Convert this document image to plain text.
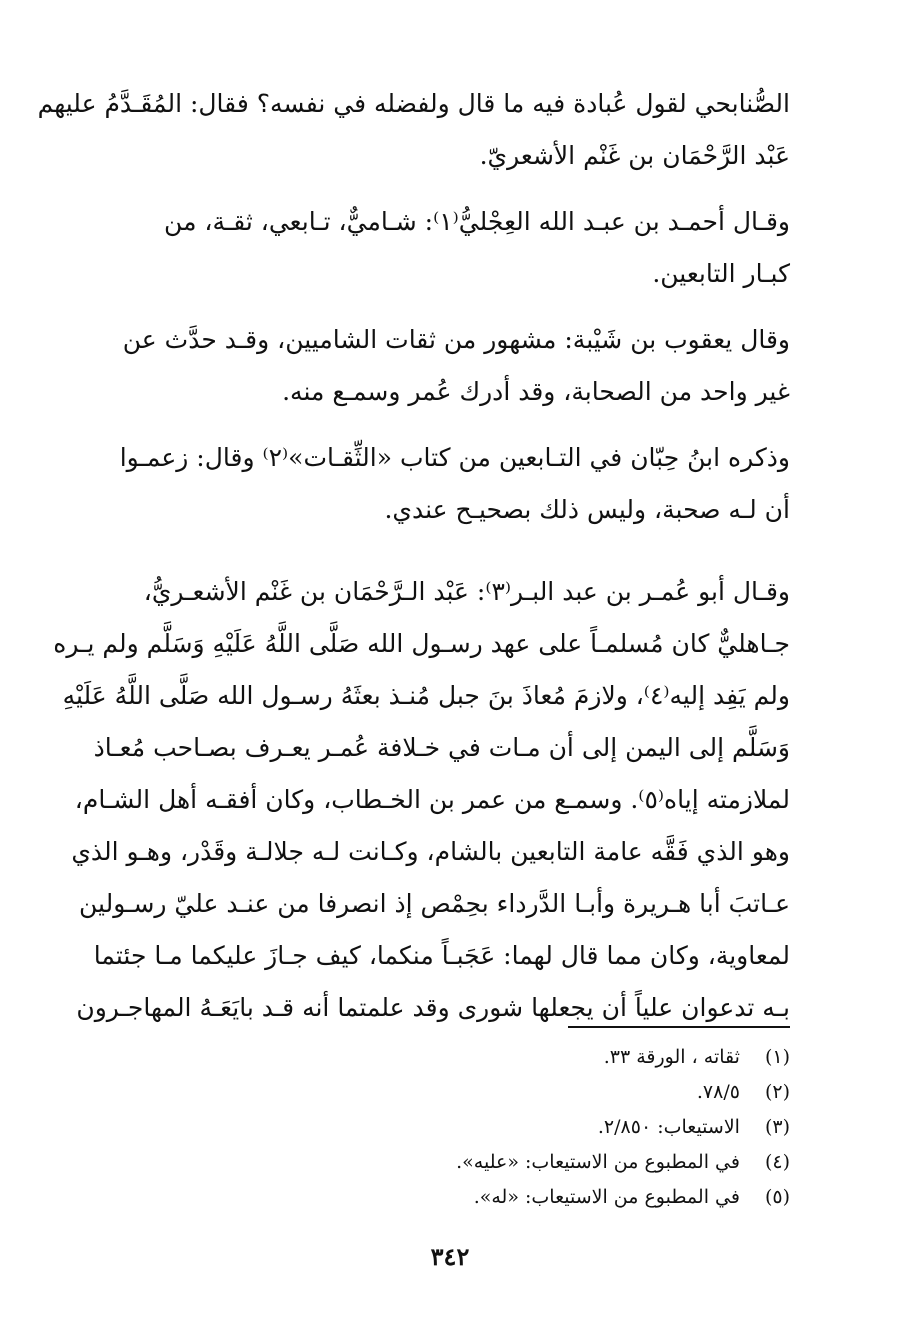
الصُّنابحي لقول عُبادة فيه ما قال ولفضله في نفسه؟ فقال: المُقَـدَّمُ عليهم
عَبْد الرَّحْمَان بن غَنْم الأشعريّ.

وقـال أحمـد بن عبـد الله العِجْليُّ⁽١⁾: شـاميٌّ، تـابعي، ثقـة، من
كبـار التابعين.

وقال يعقوب بن شَيْبة: مشهور من ثقات الشاميين، وقـد حدَّث عن
غير واحد من الصحابة، وقد أدرك عُمر وسمـع منه.

وذكره ابنُ حِبّان في التـابعين من كتاب «الثِّقـات»⁽٢⁾ وقال: زعمـوا
أن لـه صحبة، وليس ذلك بصحيـح عندي.

وقـال أبو عُمـر بن عبد البـر⁽٣⁾: عَبْد الـرَّحْمَان بن غَنْم الأشعـريُّ،
جـاهليٌّ كان مُسلمـاً على عهد رسـول الله صَلَّى اللَّهُ عَلَيْهِ وَسَلَّم ولم يـره
ولم يَفِد إليه⁽٤⁾، ولازمَ مُعاذَ بنَ جبل مُنـذ بعثَهُ رسـول الله صَلَّى اللَّهُ عَلَيْهِ
وَسَلَّم إلى اليمن إلى أن مـات في خـلافة عُمـر يعـرف بصـاحب مُعـاذ
لملازمته إياه⁽٥⁾. وسمـع من عمر بن الخـطاب، وكان أفقـه أهل الشـام،
وهو الذي فَقَّه عامة التابعين بالشام، وكـانت لـه جلالـة وقَدْر، وهـو الذي
عـاتبَ أبا هـريرة وأبـا الدَّرداء بحِمْص إذ انصرفا من عنـد عليّ رسـولين
لمعاوية، وكان مما قال لهما: عَجَبـاً منكما، كيف جـازَ عليكما مـا جئتما
بـه تدعوان علياً أن يجعلها شورى وقد علمتما أنه قـد بايَعَـهُ المهاجـرون

(١) ثقاته ، الورقة ٣٣.
(٢) ٧٨/٥.
(٣) الاستيعاب: ٢/٨٥٠.
(٤) في المطبوع من الاستيعاب: «عليه».
(٥) في المطبوع من الاستيعاب: «له».
٣٤٢
